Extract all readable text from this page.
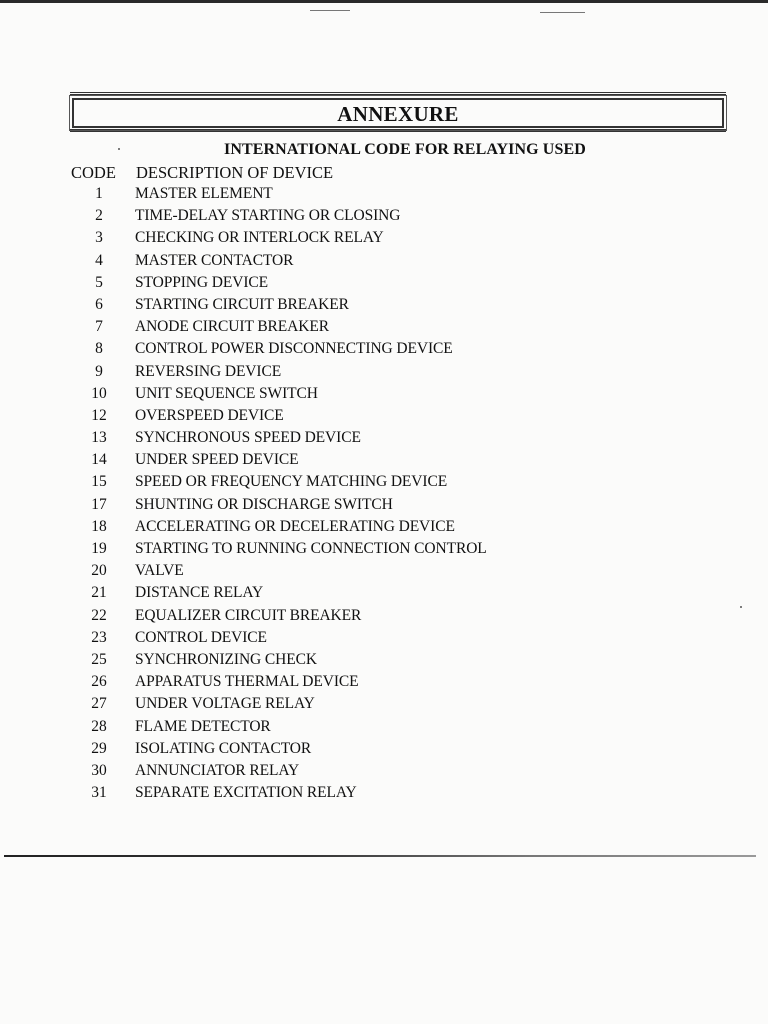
ANNEXURE
INTERNATIONAL CODE FOR RELAYING USED
CODE DESCRIPTION OF DEVICE
1	MASTER ELEMENT
2	TIME-DELAY STARTING OR CLOSING
3	CHECKING OR INTERLOCK RELAY
4	MASTER CONTACTOR
5	STOPPING DEVICE
6	STARTING CIRCUIT BREAKER
7	ANODE CIRCUIT BREAKER
8	CONTROL POWER DISCONNECTING DEVICE
9	REVERSING DEVICE
10	UNIT SEQUENCE SWITCH
12	OVERSPEED DEVICE
13	SYNCHRONOUS SPEED DEVICE
14	UNDER SPEED DEVICE
15	SPEED OR FREQUENCY MATCHING DEVICE
17	SHUNTING OR DISCHARGE SWITCH
18	ACCELERATING OR DECELERATING DEVICE
19	STARTING TO RUNNING CONNECTION CONTROL
20	VALVE
21	DISTANCE RELAY
22	EQUALIZER CIRCUIT BREAKER
23	CONTROL DEVICE
25	SYNCHRONIZING CHECK
26	APPARATUS THERMAL DEVICE
27	UNDER VOLTAGE RELAY
28	FLAME DETECTOR
29	ISOLATING CONTACTOR
30	ANNUNCIATOR RELAY
31	SEPARATE EXCITATION RELAY
